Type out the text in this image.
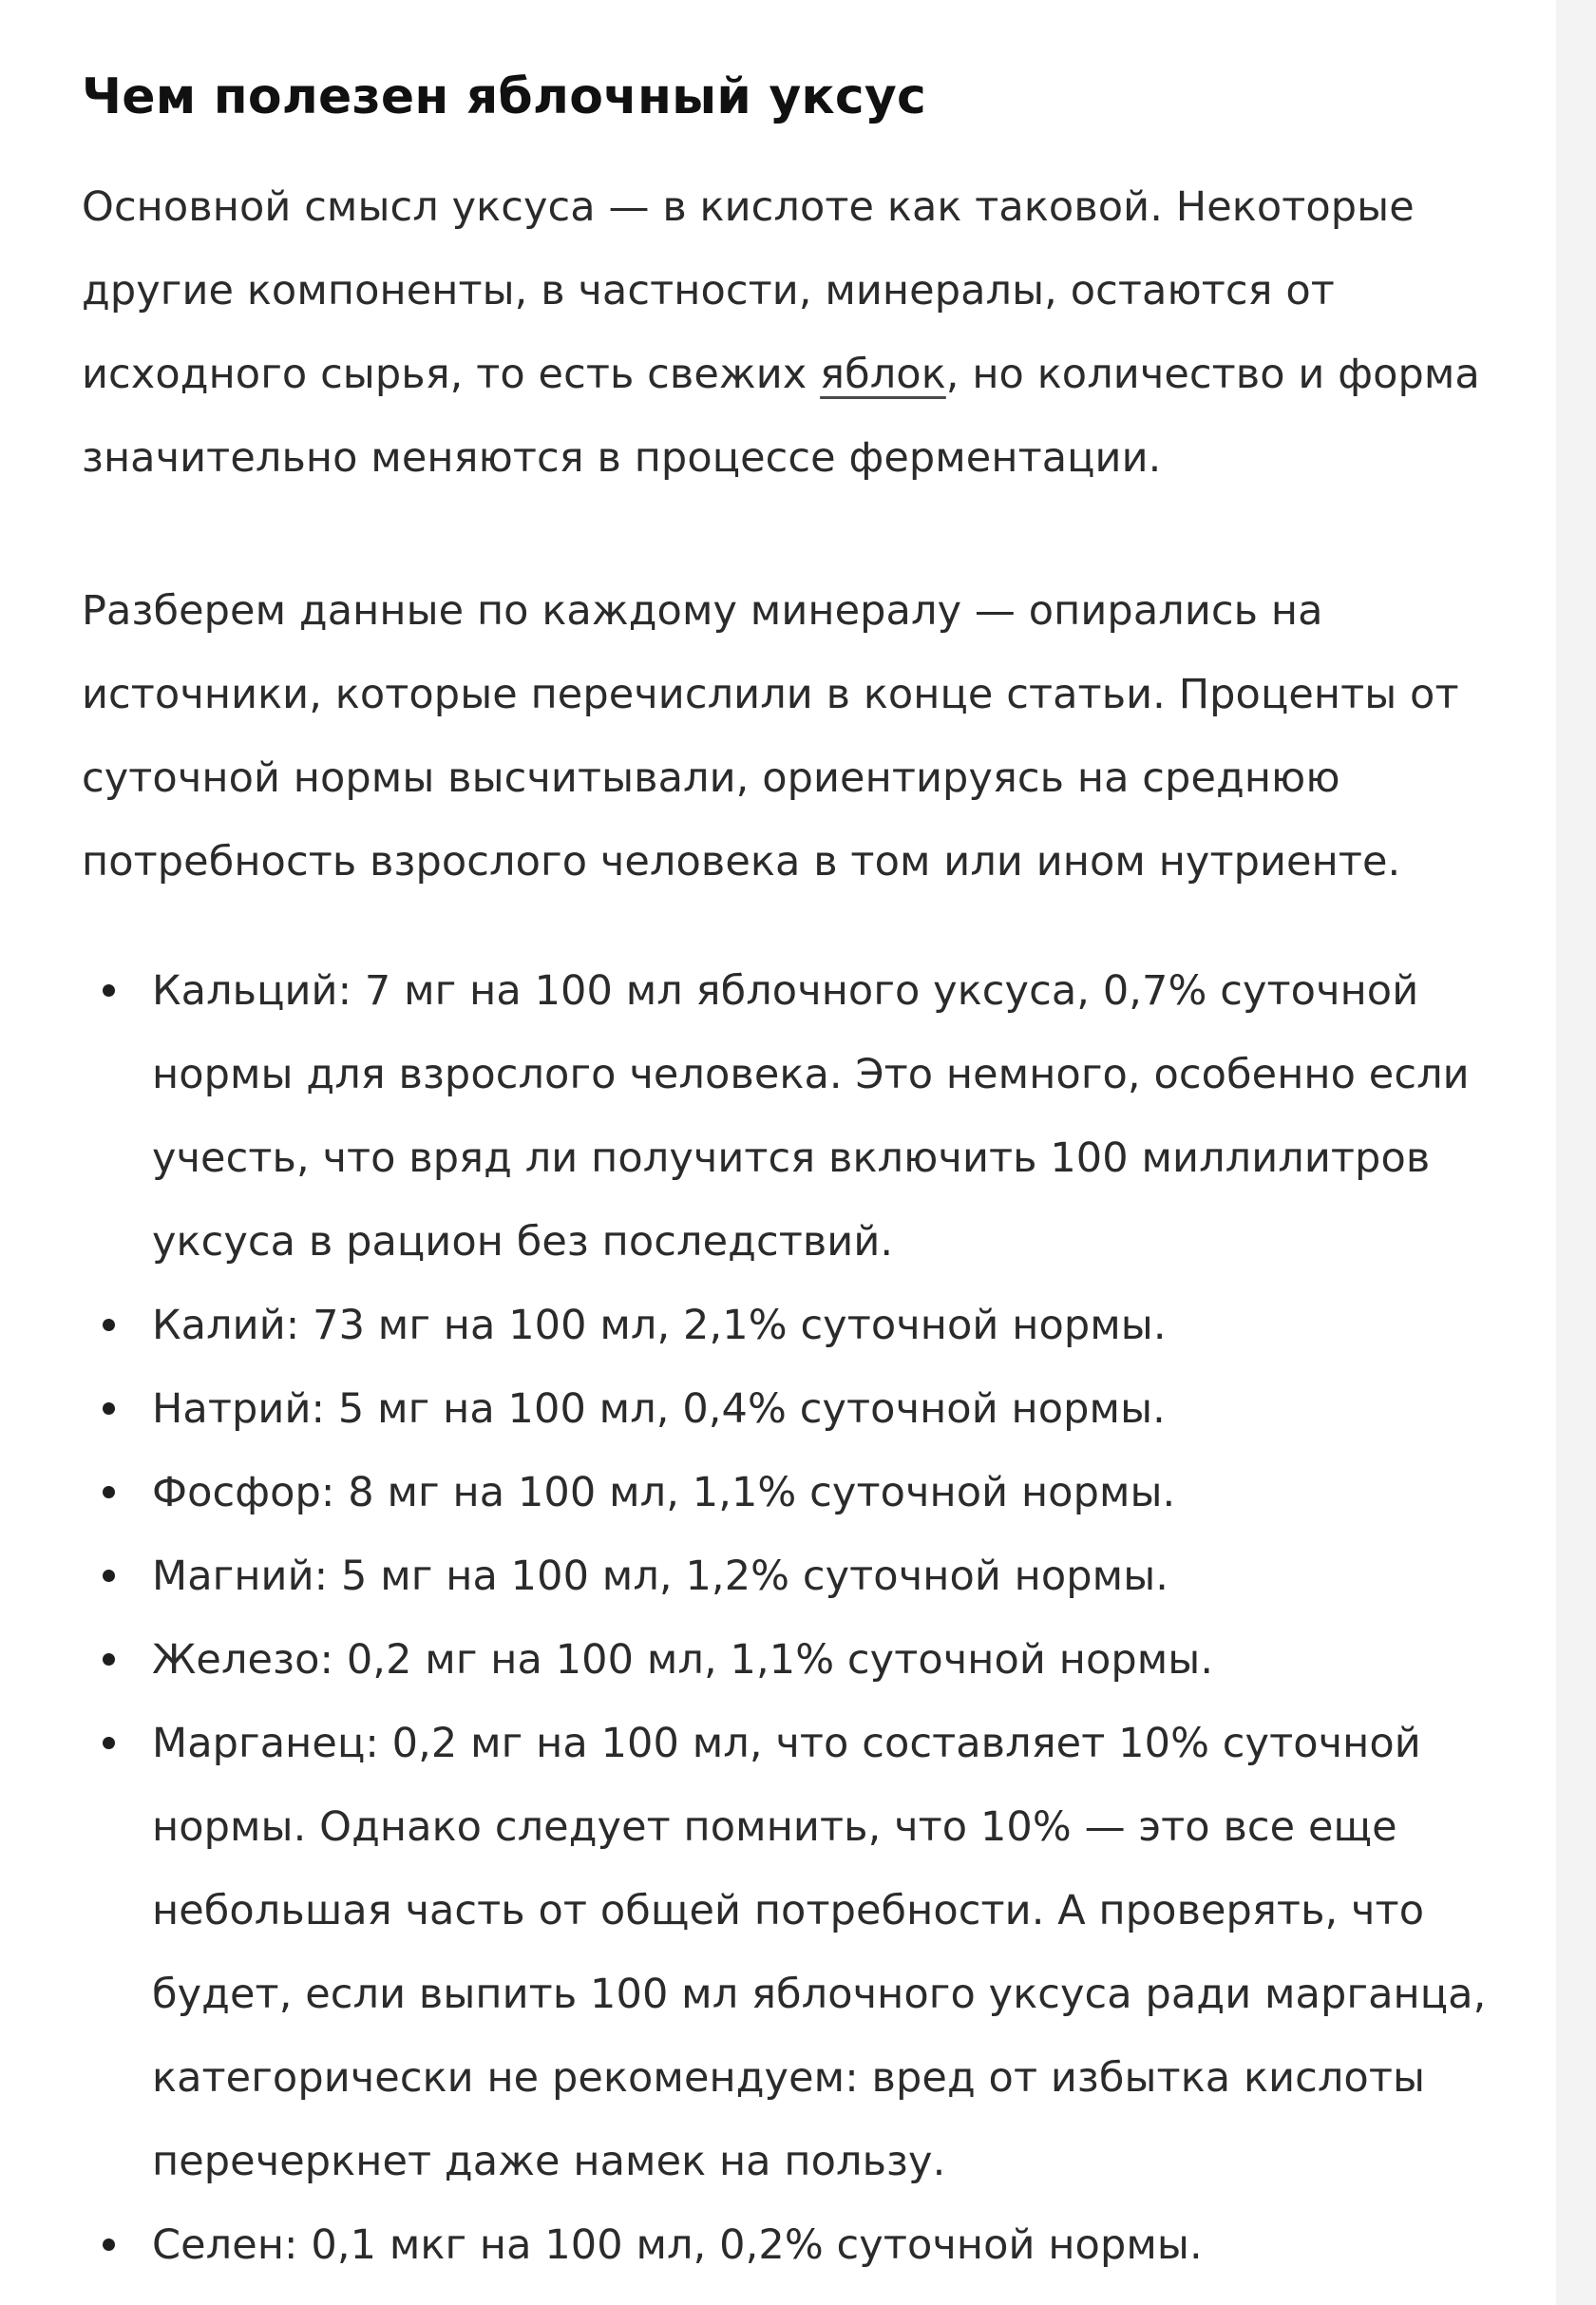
Чем полезен яблочный уксус

Основной смысл уксуса — в кислоте как таковой. Некоторые другие компоненты, в частности, минералы, остаются от исходного сырья, то есть свежих яблок, но количество и форма значительно меняются в процессе ферментации.

Разберем данные по каждому минералу — опирались на источники, которые перечислили в конце статьи. Проценты от суточной нормы высчитывали, ориентируясь на среднюю потребность взрослого человека в том или ином нутриенте.

Кальций: 7 мг на 100 мл яблочного уксуса, 0,7% суточной нормы для взрослого человека. Это немного, особенно если учесть, что вряд ли получится включить 100 миллилитров уксуса в рацион без последствий.
Калий: 73 мг на 100 мл, 2,1% суточной нормы.
Натрий: 5 мг на 100 мл, 0,4% суточной нормы.
Фосфор: 8 мг на 100 мл, 1,1% суточной нормы.
Магний: 5 мг на 100 мл, 1,2% суточной нормы.
Железо: 0,2 мг на 100 мл, 1,1% суточной нормы.
Марганец: 0,2 мг на 100 мл, что составляет 10% суточной нормы. Однако следует помнить, что 10% — это все еще небольшая часть от общей потребности. А проверять, что будет, если выпить 100 мл яблочного уксуса ради марганца, категорически не рекомендуем: вред от избытка кислоты перечеркнет даже намек на пользу.
Селен: 0,1 мкг на 100 мл, 0,2% суточной нормы.
